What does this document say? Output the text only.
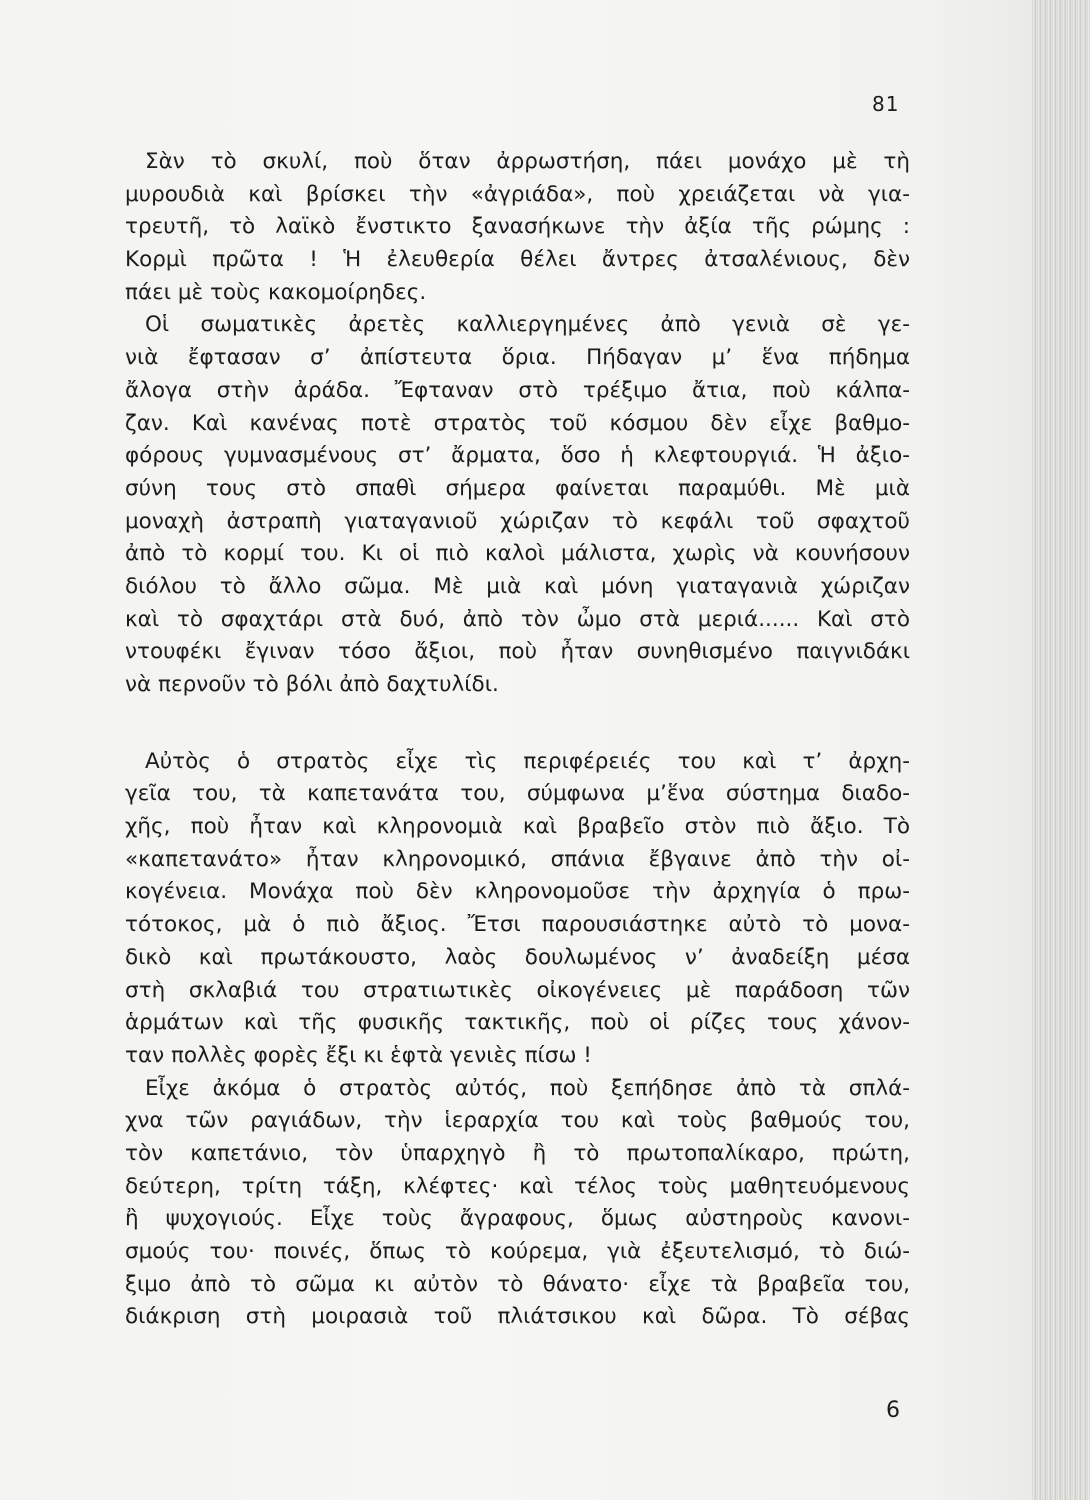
81
Σὰν τὸ σκυλί, ποὺ ὅταν ἀρρωστήση, πάει μονάχο μὲ τὴ
μυρουδιὰ καὶ βρίσκει τὴν «ἀγριάδα», ποὺ χρειάζεται νὰ για-
τρευτῆ, τὸ λαϊκὸ ἔνστικτο ξανασήκωνε τὴν ἀξία τῆς ρώμης :
Κορμὶ πρῶτα ! Ἡ ἐλευθερία θέλει ἄντρες ἀτσαλένιους, δὲν
πάει μὲ τοὺς κακομοίρηδες.
Οἱ σωματικὲς ἀρετὲς καλλιεργημένες ἀπὸ γενιὰ σὲ γε-
νιὰ ἔφτασαν σ’ ἀπίστευτα ὅρια. Πήδαγαν μ’ ἕνα πήδημα
ἄλογα στὴν ἀράδα. Ἔφταναν στὸ τρέξιμο ἄτια, ποὺ κάλπα-
ζαν. Καὶ κανένας ποτὲ στρατὸς τοῦ κόσμου δὲν εἶχε βαθμο-
φόρους γυμνασμένους στ’ ἄρματα, ὅσο ἡ κλεφτουργιά. Ἡ ἀξιο-
σύνη τους στὸ σπαθὶ σήμερα φαίνεται παραμύθι. Μὲ μιὰ
μοναχὴ ἀστραπὴ γιαταγανιοῦ χώριζαν τὸ κεφάλι τοῦ σφαχτοῦ
ἀπὸ τὸ κορμί του. Κι οἱ πιὸ καλοὶ μάλιστα, χωρὶς νὰ κουνήσουν
διόλου τὸ ἄλλο σῶμα. Μὲ μιὰ καὶ μόνη γιαταγανιὰ χώριζαν
καὶ τὸ σφαχτάρι στὰ δυό, ἀπὸ τὸν ὦμο στὰ μεριά...... Καὶ στὸ
ντουφέκι ἔγιναν τόσο ἄξιοι, ποὺ ἦταν συνηθισμένο παιγνιδάκι
νὰ περνοῦν τὸ βόλι ἀπὸ δαχτυλίδι.
Αὐτὸς ὁ στρατὸς εἶχε τὶς περιφέρειές του καὶ τ’ ἀρχη-
γεῖα του, τὰ καπετανάτα του, σύμφωνα μ’ἕνα σύστημα διαδο-
χῆς, ποὺ ἦταν καὶ κληρονομιὰ καὶ βραβεῖο στὸν πιὸ ἄξιο. Τὸ
«καπετανάτο» ἦταν κληρονομικό, σπάνια ἔβγαινε ἀπὸ τὴν οἰ-
κογένεια. Μονάχα ποὺ δὲν κληρονομοῦσε τὴν ἀρχηγία ὁ πρω-
τότοκος, μὰ ὁ πιὸ ἄξιος. Ἔτσι παρουσιάστηκε αὐτὸ τὸ μονα-
δικὸ καὶ πρωτάκουστο, λαὸς δουλωμένος ν’ ἀναδείξη μέσα
στὴ σκλαβιά του στρατιωτικὲς οἰκογένειες μὲ παράδοση τῶν
ἁρμάτων καὶ τῆς φυσικῆς τακτικῆς, ποὺ οἱ ρίζες τους χάνον-
ταν πολλὲς φορὲς ἔξι κι ἑφτὰ γενιὲς πίσω !
Εἶχε ἀκόμα ὁ στρατὸς αὐτός, ποὺ ξεπήδησε ἀπὸ τὰ σπλά-
χνα τῶν ραγιάδων, τὴν ἱεραρχία του καὶ τοὺς βαθμούς του,
τὸν καπετάνιο, τὸν ὑπαρχηγὸ ἢ τὸ πρωτοπαλίκαρο, πρώτη,
δεύτερη, τρίτη τάξη, κλέφτες· καὶ τέλος τοὺς μαθητευόμενους
ἢ ψυχογιούς. Εἶχε τοὺς ἄγραφους, ὅμως αὐστηροὺς κανονι-
σμούς του· ποινές, ὅπως τὸ κούρεμα, γιὰ ἐξευτελισμό, τὸ διώ-
ξιμο ἀπὸ τὸ σῶμα κι αὐτὸν τὸ θάνατο· εἶχε τὰ βραβεῖα του,
διάκριση στὴ μοιρασιὰ τοῦ πλιάτσικου καὶ δῶρα. Τὸ σέβας
6
